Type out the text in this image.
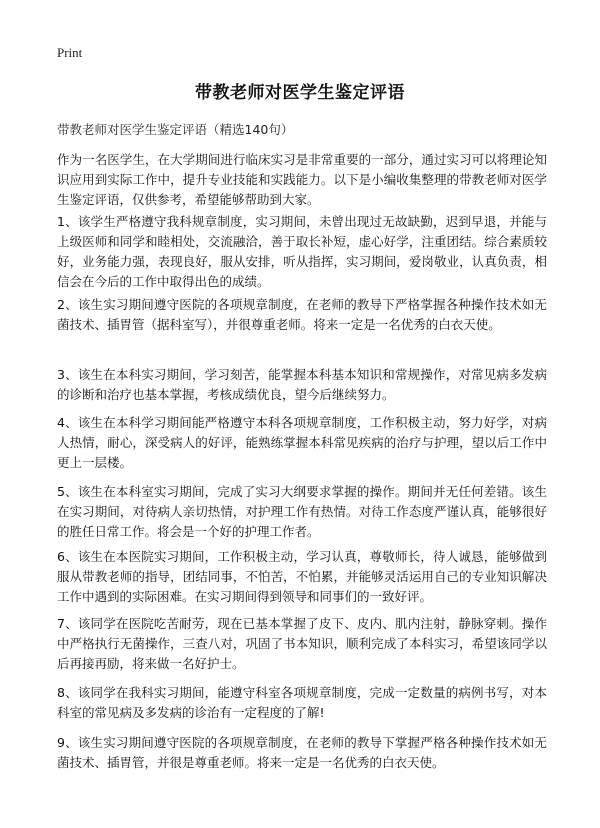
Print
带教老师对医学生鉴定评语
带教老师对医学生鉴定评语（精选140句）
作为一名医学生，在大学期间进行临床实习是非常重要的一部分，通过实习可以将理论知识应用到实际工作中，提升专业技能和实践能力。以下是小编收集整理的带教老师对医学生鉴定评语，仅供参考，希望能够帮助到大家。
1、该学生严格遵守我科规章制度，实习期间，未曾出现过无故缺勤，迟到早退，并能与上级医师和同学和睦相处，交流融洽，善于取长补短，虚心好学，注重团结。综合素质较好，业务能力强，表现良好，服从安排，听从指挥，实习期间，爱岗敬业，认真负责，相信会在今后的工作中取得出色的成绩。
2、该生实习期间遵守医院的各项规章制度，在老师的教导下严格掌握各种操作技术如无菌技术、插胃管（据科室写），并很尊重老师。将来一定是一名优秀的白衣天使。
3、该生在本科实习期间，学习刻苦，能掌握本科基本知识和常规操作，对常见病多发病的诊断和治疗也基本掌握，考核成绩优良，望今后继续努力。
4、该生在本科学习期间能严格遵守本科各项规章制度，工作积极主动，努力好学，对病人热情，耐心，深受病人的好评，能熟练掌握本科常见疾病的治疗与护理，望以后工作中更上一层楼。
5、该生在本科室实习期间，完成了实习大纲要求掌握的操作。期间并无任何差错。该生在实习期间，对待病人亲切热情，对护理工作有热情。对待工作态度严谨认真，能够很好的胜任日常工作。将会是一个好的护理工作者。
6、该生在本医院实习期间，工作积极主动，学习认真，尊敬师长，待人诚恳，能够做到服从带教老师的指导，团结同事，不怕苦，不怕累，并能够灵活运用自己的专业知识解决工作中遇到的实际困难。在实习期间得到领导和同事们的一致好评。
7、该同学在医院吃苦耐劳，现在已基本掌握了皮下、皮内、肌内注射，静脉穿刺。操作中严格执行无菌操作，三查八对，巩固了书本知识，顺利完成了本科实习，希望该同学以后再接再励，将来做一名好护士。
8、该同学在我科实习期间，能遵守科室各项规章制度，完成一定数量的病例书写，对本科室的常见病及多发病的诊治有一定程度的了解!
9、该生实习期间遵守医院的各项规章制度，在老师的教导下掌握严格各种操作技术如无菌技术、插胃管，并很是尊重老师。将来一定是一名优秀的白衣天使。
